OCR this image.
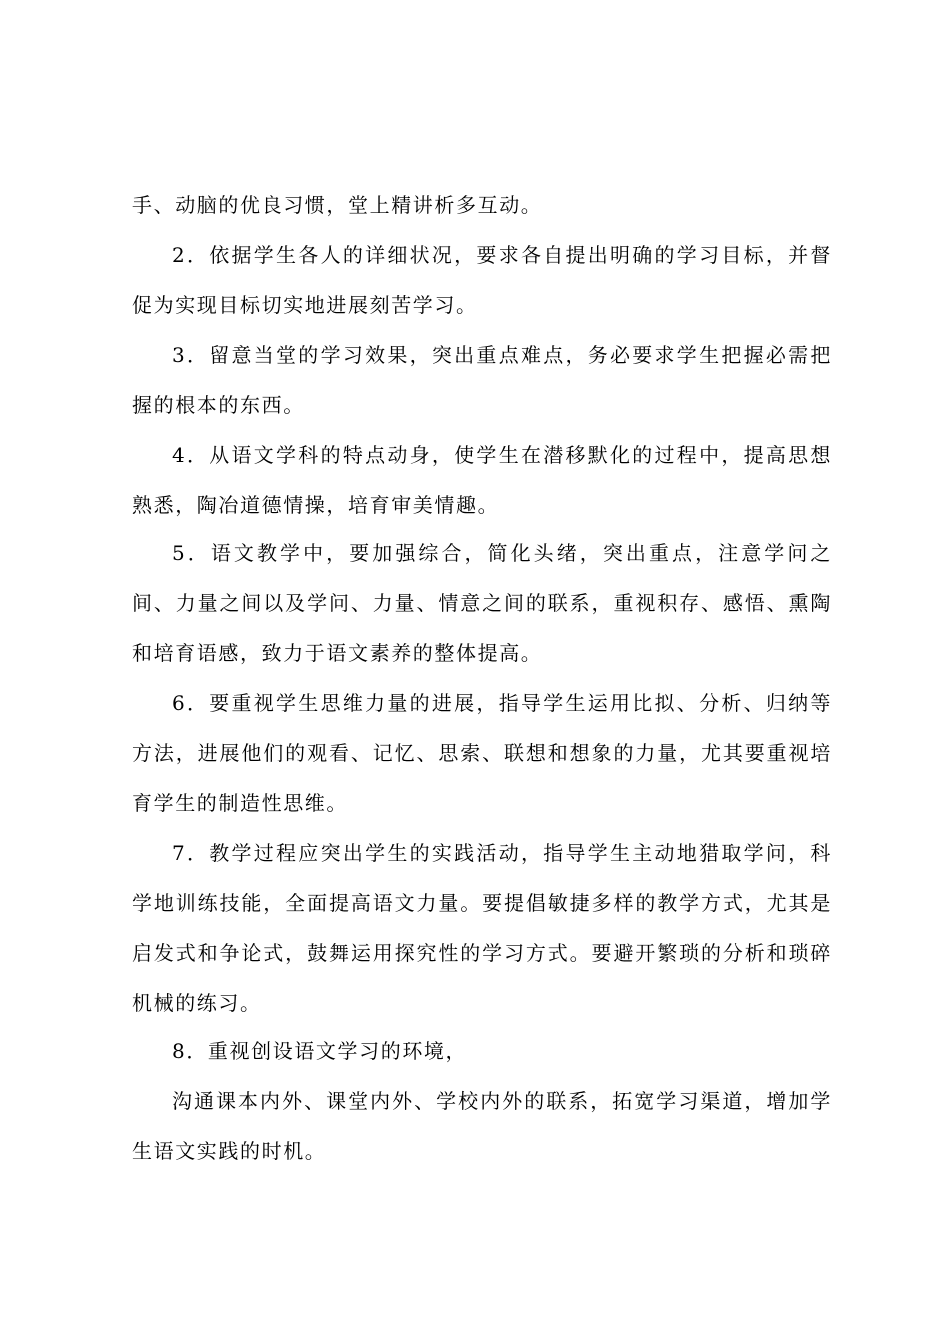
手、动脑的优良习惯，堂上精讲析多互动。

2．依据学生各人的详细状况，要求各自提出明确的学习目标，并督促为实现目标切实地进展刻苦学习。

3．留意当堂的学习效果，突出重点难点，务必要求学生把握必需把握的根本的东西。

4．从语文学科的特点动身，使学生在潜移默化的过程中，提高思想熟悉，陶冶道德情操，培育审美情趣。

5．语文教学中，要加强综合，简化头绪，突出重点，注意学问之间、力量之间以及学问、力量、情意之间的联系，重视积存、感悟、熏陶和培育语感，致力于语文素养的整体提高。

6．要重视学生思维力量的进展，指导学生运用比拟、分析、归纳等方法，进展他们的观看、记忆、思索、联想和想象的力量，尤其要重视培育学生的制造性思维。

7．教学过程应突出学生的实践活动，指导学生主动地猎取学问，科学地训练技能，全面提高语文力量。要提倡敏捷多样的教学方式，尤其是启发式和争论式，鼓舞运用探究性的学习方式。要避开繁琐的分析和琐碎机械的练习。

8．重视创设语文学习的环境，

沟通课本内外、课堂内外、学校内外的联系，拓宽学习渠道，增加学生语文实践的时机。
